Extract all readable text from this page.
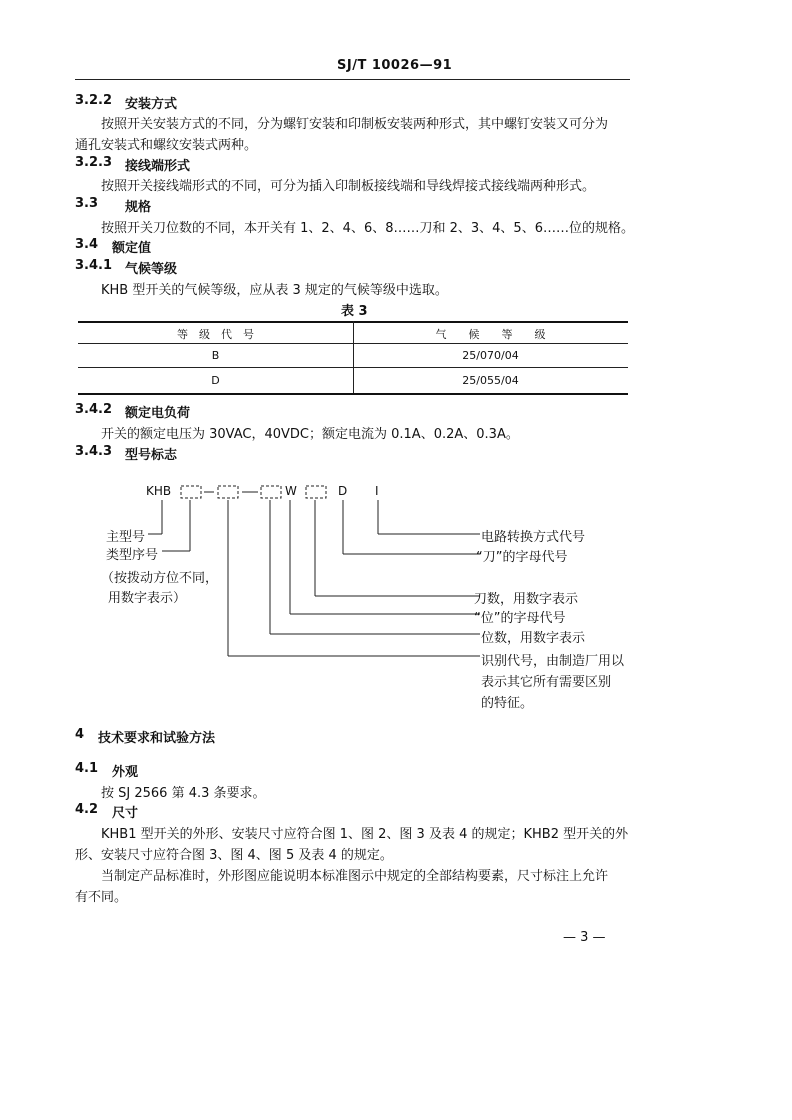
SJ/T 10026—91
3.2.2 安装方式
按照开关安装方式的不同，分为螺钉安装和印制板安装两种形式，其中螺钉安装又可分为
通孔安装式和螺纹安装式两种。
3.2.3 接线端形式
按照开关接线端形式的不同，可分为插入印制板接线端和导线焊接式接线端两种形式。
3.3 规格
按照开关刀位数的不同，本开关有 1、2、4、6、8……刀和 2、3、4、5、6……位的规格。
3.4 额定值
3.4.1 气候等级
KHB 型开关的气候等级，应从表 3 规定的气候等级中选取。
表 3
等　级　代　号	气　　候　　等　　级
B	25/070/04
D	25/055/04
3.4.2 额定电负荷
开关的额定电压为 30VAC，40VDC；额定电流为 0.1A、0.2A、0.3A。
3.4.3 型号标志
KHB	W	D I
主型号
类型序号
（按拨动方位不同，
用数字表示）
电路转换方式代号
“刀”的字母代号
刀数，用数字表示
“位”的字母代号
位数，用数字表示
识别代号，由制造厂用以
表示其它所有需要区别
的特征。
4 技术要求和试验方法
4.1 外观
按 SJ 2566 第 4.3 条要求。
4.2 尺寸
KHB1 型开关的外形、安装尺寸应符合图 1、图 2、图 3 及表 4 的规定；KHB2 型开关的外
形、安装尺寸应符合图 3、图 4、图 5 及表 4 的规定。
当制定产品标准时，外形图应能说明本标准图示中规定的全部结构要素，尺寸标注上允许
有不同。
— 3 —
